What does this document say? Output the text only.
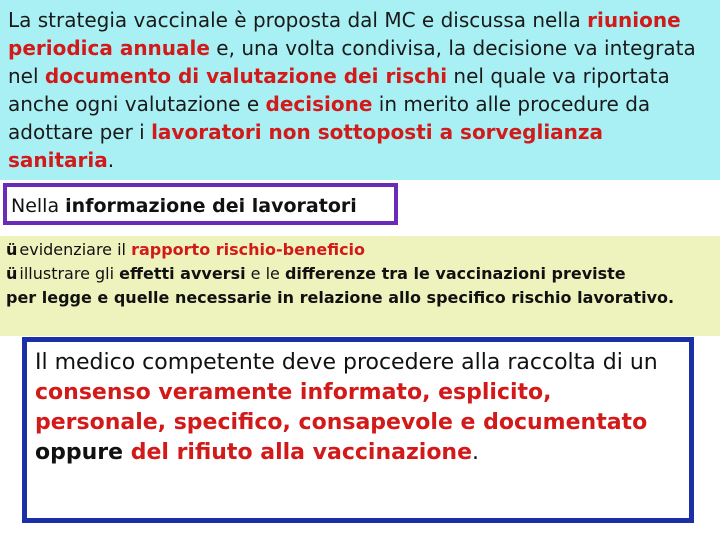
La strategia vaccinale è proposta dal MC e discussa nella riunione periodica annuale e, una volta condivisa, la decisione va integrata nel documento di valutazione dei rischi nel quale va riportata anche ogni valutazione e decisione in merito alle procedure da adottare per i lavoratori non sottoposti a sorveglianza sanitaria.
Nella informazione dei lavoratori
ü evidenziare il rapporto rischio-beneficio
ü illustrare gli effetti avversi e le differenze tra le vaccinazioni previste
per legge e quelle necessarie in relazione allo specifico rischio lavorativo.
Il medico competente deve procedere alla raccolta di un consenso veramente informato, esplicito, personale, specifico, consapevole e documentato oppure del rifiuto alla vaccinazione.
